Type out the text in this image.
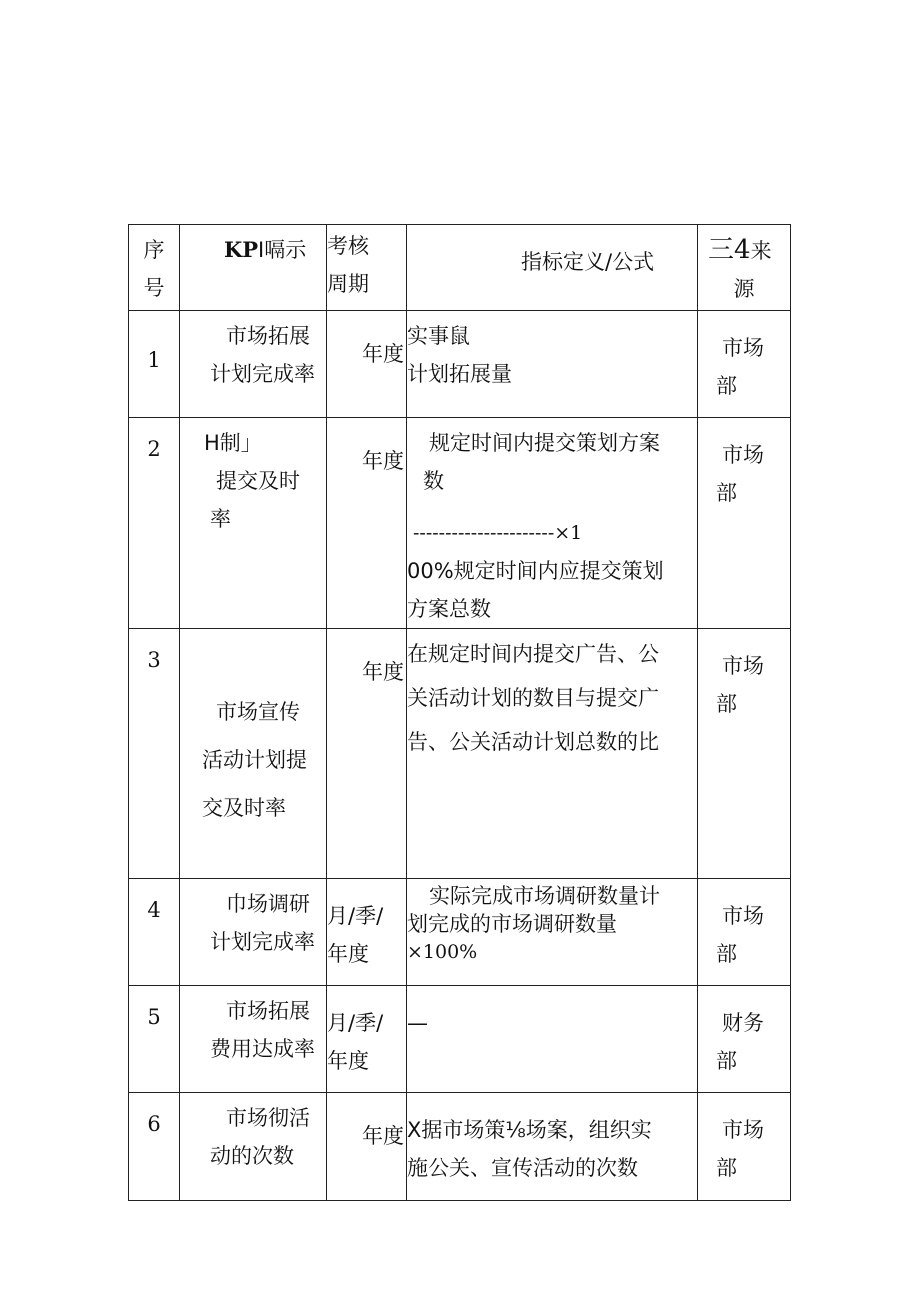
序
号	KPI嗝示	考核
周期	指标定义/公式	三4来
源

1	市场拓展
计划完成率	年度	实事鼠
计划拓展量	市场
部

2	H制」
提交及时
率	年度	规定时间内提交策划方案
数
----------------------×1
00%规定时间内应提交策划
方案总数	市场
部

3	市场宣传
活动计划提
交及时率	年度	在规定时间内提交广告、公
关活动计划的数目与提交广
告、公关活动计划总数的比	市场
部

4	巾场调研
计划完成率	月/季/
年度	实际完成市场调研数量计
划完成的市场调研数量
×100%	市场
部

5	市场拓展
费用达成率	月/季/
年度	—	财务
部

6	市场彻活
动的次数	年度	X据市场策⅛场案，组织实
施公关、宣传活动的次数	市场
部
